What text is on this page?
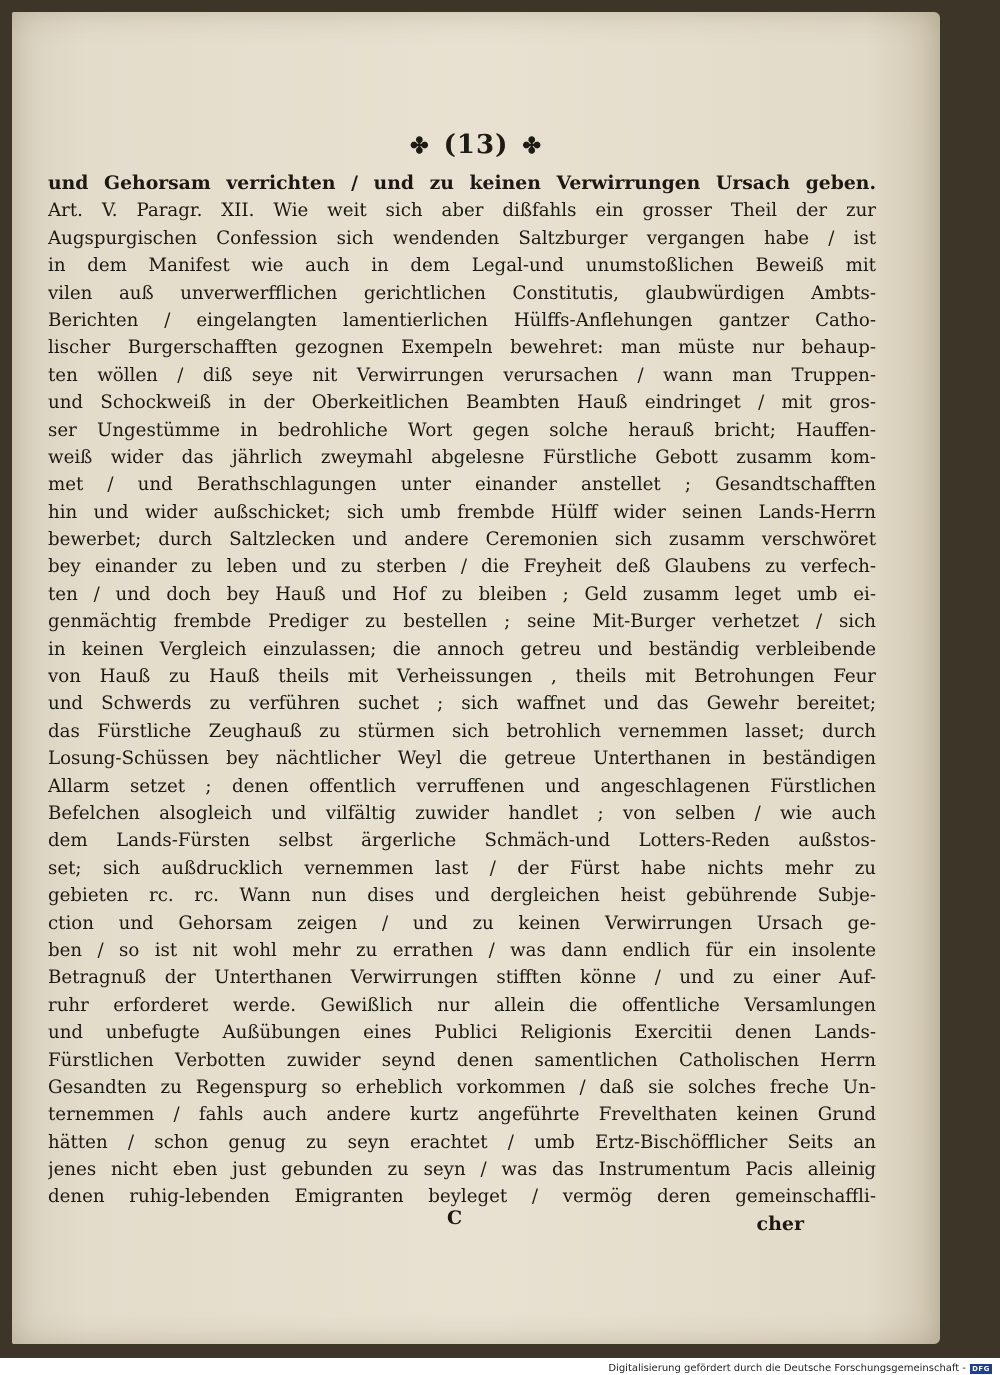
✤ (13) ✤
und Gehorsam verrichten / und zu keinen Verwirrungen Ursach geben.
Art. V. Paragr. XII. Wie weit sich aber dißfahls ein grosser Theil der zur
Augspurgischen Confession sich wendenden Saltzburger vergangen habe / ist
in dem Manifest wie auch in dem Legal-und unumstoßlichen Beweiß mit
vilen auß unverwerfflichen gerichtlichen Constitutis, glaubwürdigen Ambts-
Berichten / eingelangten lamentierlichen Hülffs-Anflehungen gantzer Catho-
lischer Burgerschafften gezognen Exempeln bewehret: man müste nur behaup-
ten wöllen / diß seye nit Verwirrungen verursachen / wann man Truppen-
und Schockweiß in der Oberkeitlichen Beambten Hauß eindringet / mit gros-
ser Ungestümme in bedrohliche Wort gegen solche herauß bricht; Hauffen-
weiß wider das jährlich zweymahl abgelesne Fürstliche Gebott zusamm kom-
met / und Berathschlagungen unter einander anstellet ; Gesandtschafften
hin und wider außschicket; sich umb frembde Hülff wider seinen Lands-Herrn
bewerbet; durch Saltzlecken und andere Ceremonien sich zusamm verschwöret
bey einander zu leben und zu sterben / die Freyheit deß Glaubens zu verfech-
ten / und doch bey Hauß und Hof zu bleiben ; Geld zusamm leget umb ei-
genmächtig frembde Prediger zu bestellen ; seine Mit-Burger verhetzet / sich
in keinen Vergleich einzulassen; die annoch getreu und beständig verbleibende
von Hauß zu Hauß theils mit Verheissungen , theils mit Betrohungen Feur
und Schwerds zu verführen suchet ; sich waffnet und das Gewehr bereitet;
das Fürstliche Zeughauß zu stürmen sich betrohlich vernemmen lasset; durch
Losung-Schüssen bey nächtlicher Weyl die getreue Unterthanen in beständigen
Allarm setzet ; denen offentlich verruffenen und angeschlagenen Fürstlichen
Befelchen alsogleich und vilfältig zuwider handlet ; von selben / wie auch
dem Lands-Fürsten selbst ärgerliche Schmäch-und Lotters-Reden außstos-
set; sich außdrucklich vernemmen last / der Fürst habe nichts mehr zu
gebieten rc. rc. Wann nun dises und dergleichen heist gebührende Subje-
ction und Gehorsam zeigen / und zu keinen Verwirrungen Ursach ge-
ben / so ist nit wohl mehr zu errathen / was dann endlich für ein insolente
Betragnuß der Unterthanen Verwirrungen stifften könne / und zu einer Auf-
ruhr erforderet werde. Gewißlich nur allein die offentliche Versamlungen
und unbefugte Außübungen eines Publici Religionis Exercitii denen Lands-
Fürstlichen Verbotten zuwider seynd denen samentlichen Catholischen Herrn
Gesandten zu Regenspurg so erheblich vorkommen / daß sie solches freche Un-
ternemmen / fahls auch andere kurtz angeführte Frevelthaten keinen Grund
hätten / schon genug zu seyn erachtet / umb Ertz-Bischöfflicher Seits an
jenes nicht eben just gebunden zu seyn / was das Instrumentum Pacis alleinig
denen ruhig-lebenden Emigranten beyleget / vermög deren gemeinschaffli-
C	cher
Digitalisierung gefördert durch die Deutsche Forschungsgemeinschaft - DFG
